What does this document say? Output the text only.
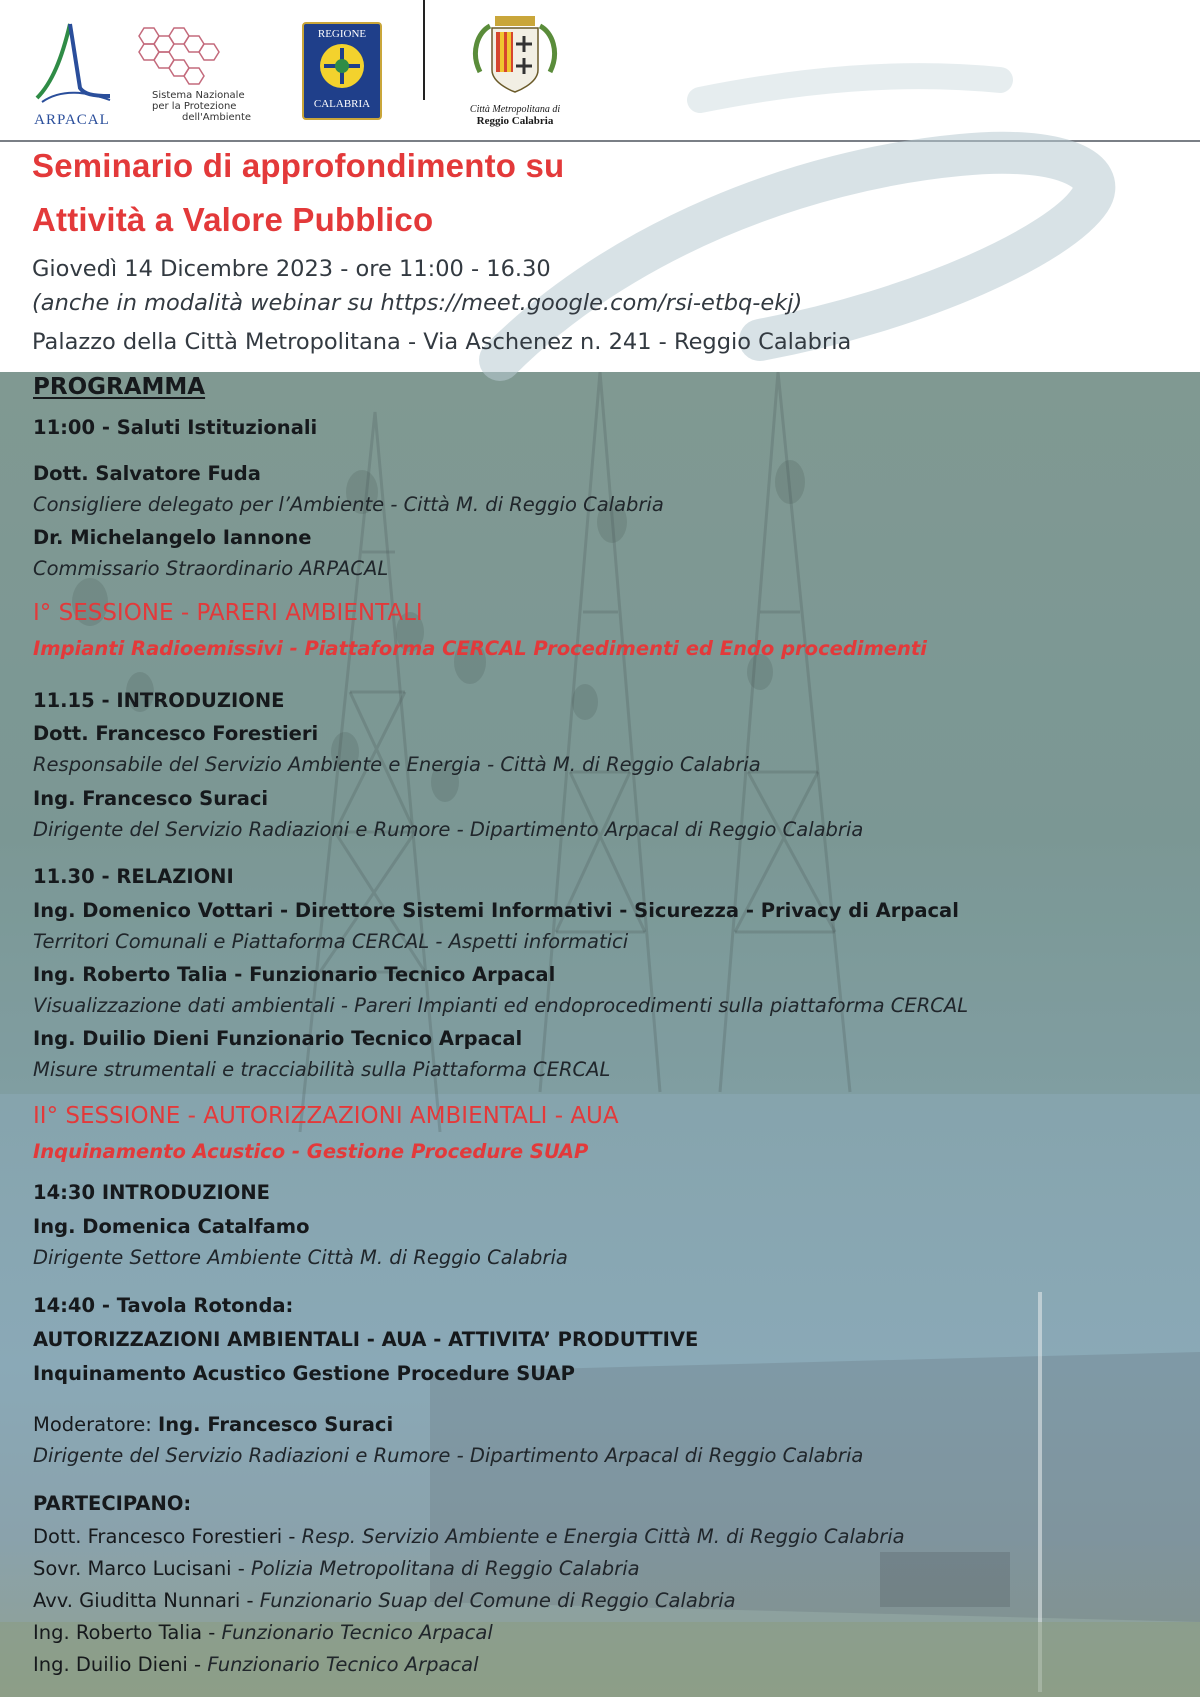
ARPACAL
Sistema Nazionale
per la Protezione
dell'Ambiente
REGIONE
CALABRIA	Città Metropolitana di
Reggio Calabria
Seminario di approfondimento su
Attività a Valore Pubblico
Giovedì 14 Dicembre 2023 - ore 11:00 - 16.30
(anche in modalità webinar su https://meet.google.com/rsi-etbq-ekj)
Palazzo della Città Metropolitana - Via Aschenez n. 241 - Reggio Calabria
PROGRAMMA
11:00 - Saluti Istituzionali
Dott. Salvatore Fuda
Consigliere delegato per l’Ambiente - Città M. di Reggio Calabria
Dr. Michelangelo Iannone
Commissario Straordinario ARPACAL
I° SESSIONE - PARERI AMBIENTALI
Impianti Radioemissivi - Piattaforma CERCAL Procedimenti ed Endo procedimenti
11.15 - INTRODUZIONE
Dott. Francesco Forestieri
Responsabile del Servizio Ambiente e Energia - Città M. di Reggio Calabria
Ing. Francesco Suraci
Dirigente del Servizio Radiazioni e Rumore - Dipartimento Arpacal di Reggio Calabria
11.30 - RELAZIONI
Ing. Domenico Vottari - Direttore Sistemi Informativi - Sicurezza - Privacy di Arpacal
Territori Comunali e Piattaforma CERCAL - Aspetti informatici
Ing. Roberto Talia - Funzionario Tecnico Arpacal
Visualizzazione dati ambientali - Pareri Impianti ed endoprocedimenti sulla piattaforma CERCAL
Ing. Duilio Dieni Funzionario Tecnico Arpacal
Misure strumentali e tracciabilità sulla Piattaforma CERCAL
II° SESSIONE - AUTORIZZAZIONI AMBIENTALI - AUA
Inquinamento Acustico - Gestione Procedure SUAP
14:30 INTRODUZIONE
Ing. Domenica Catalfamo
Dirigente Settore Ambiente Città M. di Reggio Calabria
14:40 - Tavola Rotonda:
AUTORIZZAZIONI AMBIENTALI - AUA - ATTIVITA’ PRODUTTIVE
Inquinamento Acustico Gestione Procedure SUAP
Moderatore: Ing. Francesco Suraci
Dirigente del Servizio Radiazioni e Rumore - Dipartimento Arpacal di Reggio Calabria
PARTECIPANO:
Dott. Francesco Forestieri - Resp. Servizio Ambiente e Energia Città M. di Reggio Calabria
Sovr. Marco Lucisani - Polizia Metropolitana di Reggio Calabria
Avv. Giuditta Nunnari - Funzionario Suap del Comune di Reggio Calabria
Ing. Roberto Talia - Funzionario Tecnico Arpacal
Ing. Duilio Dieni - Funzionario Tecnico Arpacal
